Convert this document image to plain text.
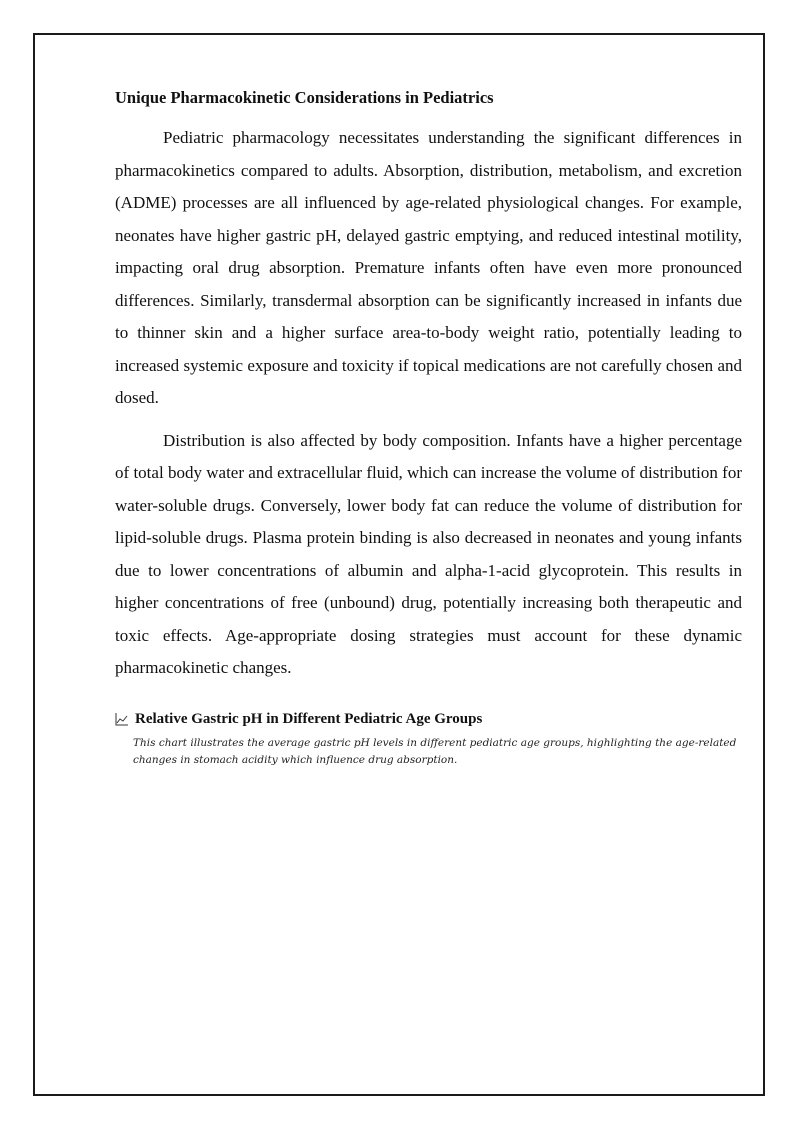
Unique Pharmacokinetic Considerations in Pediatrics

Pediatric pharmacology necessitates understanding the significant differences in pharmacokinetics compared to adults. Absorption, distribution, metabolism, and excretion (ADME) processes are all influenced by age-related physiological changes. For example, neonates have higher gastric pH, delayed gastric emptying, and reduced intestinal motility, impacting oral drug absorption. Premature infants often have even more pronounced differences. Similarly, transdermal absorption can be significantly increased in infants due to thinner skin and a higher surface area-to-body weight ratio, potentially leading to increased systemic exposure and toxicity if topical medications are not carefully chosen and dosed.

Distribution is also affected by body composition. Infants have a higher percentage of total body water and extracellular fluid, which can increase the volume of distribution for water-soluble drugs. Conversely, lower body fat can reduce the volume of distribution for lipid-soluble drugs. Plasma protein binding is also decreased in neonates and young infants due to lower concentrations of albumin and alpha-1-acid glycoprotein. This results in higher concentrations of free (unbound) drug, potentially increasing both therapeutic and toxic effects. Age-appropriate dosing strategies must account for these dynamic pharmacokinetic changes.

Relative Gastric pH in Different Pediatric Age Groups
This chart illustrates the average gastric pH levels in different pediatric age groups, highlighting the age-related changes in stomach acidity which influence drug absorption.
